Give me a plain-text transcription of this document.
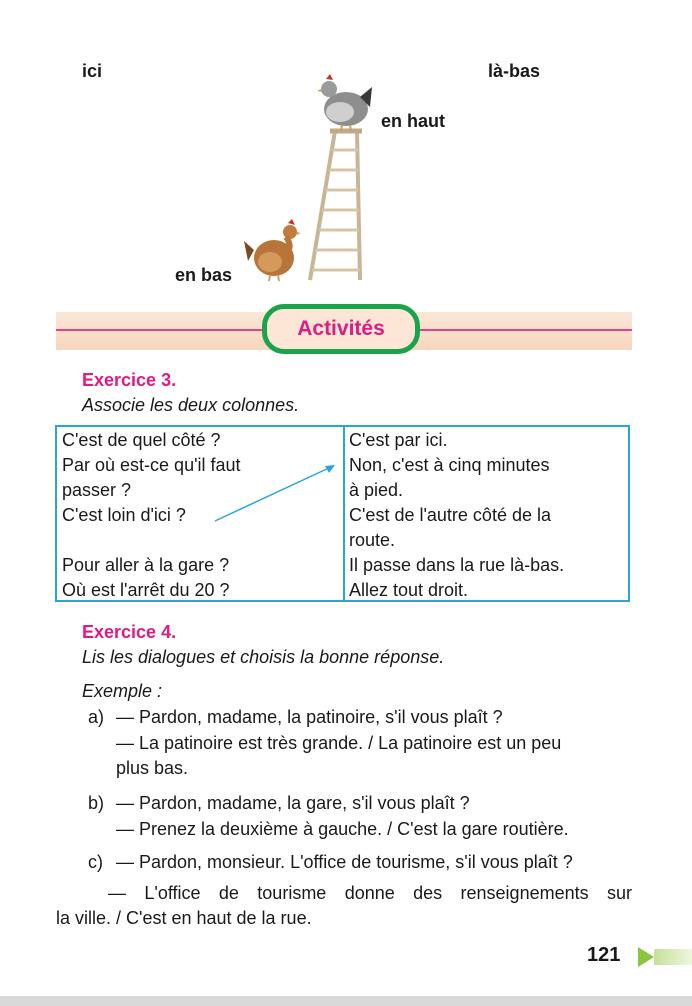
ici	là-bas
en haut
en bas
Activités
Exercice 3.
Associe les deux colonnes.
C'est de quel côté ?
Par où est-ce qu'il faut
passer ?
C'est loin d'ici ?
Pour aller à la gare ?
Où est l'arrêt du 20 ?
C'est par ici.
Non, c'est à cinq minutes
à pied.
C'est de l'autre côté de la
route.
Il passe dans la rue là-bas.
Allez tout droit.
Exercice 4.
Lis les dialogues et choisis la bonne réponse.
Exemple :
a) — Pardon, madame, la patinoire, s'il vous plaît ?
— La patinoire est très grande. / La patinoire est un peu
plus bas.
b) — Pardon, madame, la gare, s'il vous plaît ?
— Prenez la deuxième à gauche. / C'est la gare routière.
c) — Pardon, monsieur. L'office de tourisme, s'il vous plaît ?
— L'office de tourisme donne des renseignements sur
la ville. / C'est en haut de la rue.
121
